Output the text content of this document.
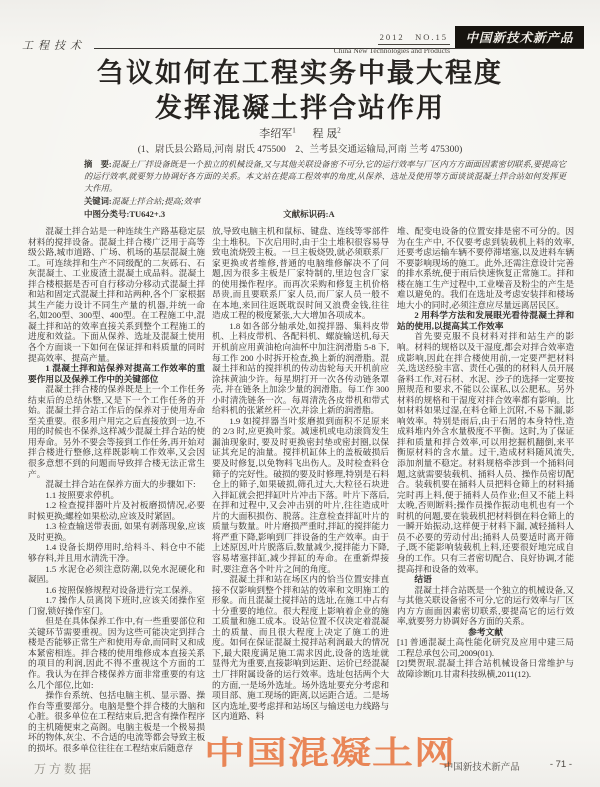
工程技术
2012　NO.15
China New Technologies and Products
中国新技术新产品
刍议如何在工程实务中最大程度
发挥混凝土拌合站作用
李绍军$^1$ 程 晟$^2$
(1、尉氏县公路局,河南 尉氏 475500　2、兰考县交通运输局,河南 兰考 475300)

摘　要:混凝土厂拌设备既是一个独立的机械设备,又与其他关联设备密不可分,它的运行效率与厂区内方方面面因素密切联系,要提高它的运行效率,就要努力协调好各方面的关系。本文站在提高工程效率的角度,从保养、选址及使用等方面谈谈混凝土拌合站如何发挥更大作用。

关键词:混凝土拌合站;提高;效率

中图分类号:TU642+.3	文献标识码:A

混凝土拌合站是一种连续生产路基稳定层材料的搅拌设备。混凝土拌合楼广泛用于高等级公路,城市道路、广场、机场的基层混凝土施工。可连续拌和生产不同级配的二灰砾石、石灰混凝土、工业废渣土混凝土成品料。混凝土拌合楼根据是否可自行移动分移动式混凝土拌和站和固定式混凝土拌和站两种,各个厂家根据其生产能力设计不同生产量的机器,并统一命名,如200型、300型、400型。在工程施工中,混凝土拌和站的效率直接关系到整个工程施工的进度和效益。下面从保养、选址及混凝土使用各个方面谈一下如何在保证拌和料质量的同时提高效率、提高产量。

1 混凝土拌和站保养对提高工作效率的重要作用以及保养工作中的关键部位

混凝土拌合楼的保养既是上一个工作任务结束后的总结休整,又是下一个工作任务的开始。混凝土拌合站工作后的保养对于使用寿命至关重要。很多用户用完之后直接放到一边,不用的时候也不保养,这样减少混凝土拌合站的使用寿命。另外不要会等接到工作任务,再开始对拌合楼进行整修,这样既影响工作效率,又会因很多意想不到的问题而导致拌合楼无法正常生产。

混凝土拌合站在保养方面大的步骤如下:

1.1 按照要求停机。

1.2 检查搅拌器叶片及衬板磨损情况,必要时候更换;螺栓如果松动,应该及时紧固。

1.3 检查输送带表面, 如果有剥落现象,应该及时更换。

1.4 设备长期停用时,给料斗、料仓中不能够存料,并且用水清洗干净。

1.5 水泥仓必须注意防潮,以免水泥硬化和凝固。

1.6 按照保修规程对设备进行完工保养。

1.7 操作人员离岗下班时,应该关闭操作室门窗,锁好操作室门。

但是在具体保养工作中,有一些重要部位和关键环节需要重视。因为这些可能决定到拌合楼是否能够正常生产和使用寿命,而同时又和成本紧密相连。拌合楼的使用维修成本直接关系的项目的利润,因此不得不重视这个方面的工作。我认为在拌合楼保养方面非常重要的有这么几个部位,比如:

操作台系统、包括电脑主机、显示器、操作台等重要部分。电脑是整个拌合楼的大脑和心脏。很多单位在工程结束后,把含有操作程序的主机随便束之高阁。电脑主板是一个极易损坏的物体,灰尘、不合适的电流等都会导致主板的损坏。很多单位往往在工程结束后随意存

放,导致电脑主机和鼠标、键盘、连线等零部件尘土堆积。下次启用时,由于尘土堆积很容易导致电流烧毁主板。一旦主板烧毁,就必须联系厂家更换或者维修,普通的电脑维修解决不了问题,因为很多主板是厂家特制的,里边包含厂家的使用操作程序。而再次采购和修复主机价格昂贵,而且要联系厂家人员,而厂家人员一般不在本地,来回往返既耽误时间又浪费金钱,往往造成工程的极度紧张,大大增加各项成本。

1.8 如各部分轴承处,如搅拌器、集料皮带机、上料皮带机、各配料机、螺旋输送机,每天开机前应用黄油枪向油杯中加注润滑脂 5-8 下,每工作 200 小时拆开检查,换上新的润滑脂。混凝土拌和站的搅拌机的传动齿轮每天开机前应涂抹黄油少许。每星期打开一次各传动链条罩壳, 并在链条上加涂少量的润滑脂。每工作 300 小时清洗链条一次。每周清洗各皮带机和带式给料机的张紧丝杆一次,并涂上新的润滑脂。

1.9 如搅拌器当叶浆磨损到面积不足原来的 2/3 时,应更换叶浆。减速机或电动滚筒发生漏油现象时, 要及时更换密封垫或密封圈,以保证其充足的油量。搅拌机缸体上的盖板破损后要及时修复,以免物料飞出伤人。及时检查料仓筛子的完好性。破损的要及时修理,特别是石料仓上的筛子,如果破损,筛孔过大,大粒径石块进入拌缸就会把拌缸叶片冲击下落。叶片下落后,在拌和过程中,又会冲击别的叶片,往往造成叶片的大面积损伤、脱落。注意检查拌缸叶片的质量与数量。叶片磨损严重时,拌缸的搅拌能力将严重下降,影响到厂拌设备的生产效率。由于上述原因,叶片脱落后,数量减少,搅拌能力下降,容易堵塞拌缸,减少拌缸的寿命。在重新焊接时,要注意各个叶片之间的角度。

混凝土拌和站在场区内的恰当位置安排直接不仅影响到整个拌和站的效率和文明施工的形象。而且混凝土搅拌站的选址,在施工中占有十分重要的地位。很大程度上影响着企业的施工质量和施工成本。设站位置不仅决定着混凝土的质量、而且很大程度上决定了施工的进度。如何在保证混凝土搅拌站利润最大的情况下,最大限度满足施工需求因此,设备的选址就显得尤为重要,直接影响到运距、运价已经混凝土厂拌附属设备的运行效率。选址包括两个大的方面,一是场外选址。场外选址要充分考虑和项目部、施工现场的距离,以运距合适。二是场区内选址,要考虑拌和站场区与输送电力线路与区内道路、料

堆、配变电设备的位置安排是密不可分的。因为在生产中, 不仅要考虑到装载机上料的效率,还要考虑运输车辆不要停滞堵塞,以及进料车辆不要影响现场的施工。此外,还需注意设计完善的排水系统,便于雨后快速恢复正常施工。拌和楼在施工生产过程中,工业噪音及粉尘的产生是难以避免的。我们在选址及考虑安装拌和楼场地大小的同时,必须注意应尽量远离居民区。

2 用科学方法和发展眼光看待混凝土拌和站的使用,以提高其工作效率

首先要克服不良材料对拌和站生产的影响。材料的规格以及干湿度,都会对拌合效率造成影响,因此在拌合楼使用前,一定要严把材料关,选送经验丰富、责任心强的的材料人员开展备料工作,对石材、水泥、沙子的选择一定要按照规范和要求,不能以公谋私,以公肥私。另外材料的规格和干湿度对拌合效率都有影响。比如材料如果过湿,在料仓筛上沉附,不易下漏,影响效率。特别是雨后,由于石屑的本身特性,造成料堆内外含水量极度不平衡。这时,为了保证拌和质量和拌合效率,可以用挖掘机翻倒,来平衡原材料的含水量。过干,造成材料随风流失,添加剂量不稳定。材料规格牵涉到一个捅料问题,这就需要装载机、捅料人员、操作员密切配合。装载机要在捅料人员把料仓筛上的材料捅完时再上料,便于捅料人员作业;但又不能上料太晚,否则断料;操作员操作振动电机也有一个时机的问题,要在装载机把材料倒在料仓筛上的一瞬开始振动,这样便于材料下漏, 减轻捅料人员不必要的劳动付出;捅料人员要适时离开筛子,既不能影响装载机上料,还要很好地完成自身的工作。只有三者密切配合、良好协调,才能提高拌和设备的效率。

结语

混凝土拌合站既是一个独立的机械设备,又与其他关联设备密不可分,它的运行效率与厂区内方方面面因素密切联系,要提高它的运行效率,就要努力协调好各方面的关系。

参考文献

[1] 普通混凝土高性能化研究及应用中建三局工程总承包公司,2009(01).

[2]樊贺珉.混凝土拌合站机械设备日常维护与故障诊断[J].甘肃科技纵横,2011(12).

中国混凝土网
万方数据	中国新技术新产品	- 71 -
